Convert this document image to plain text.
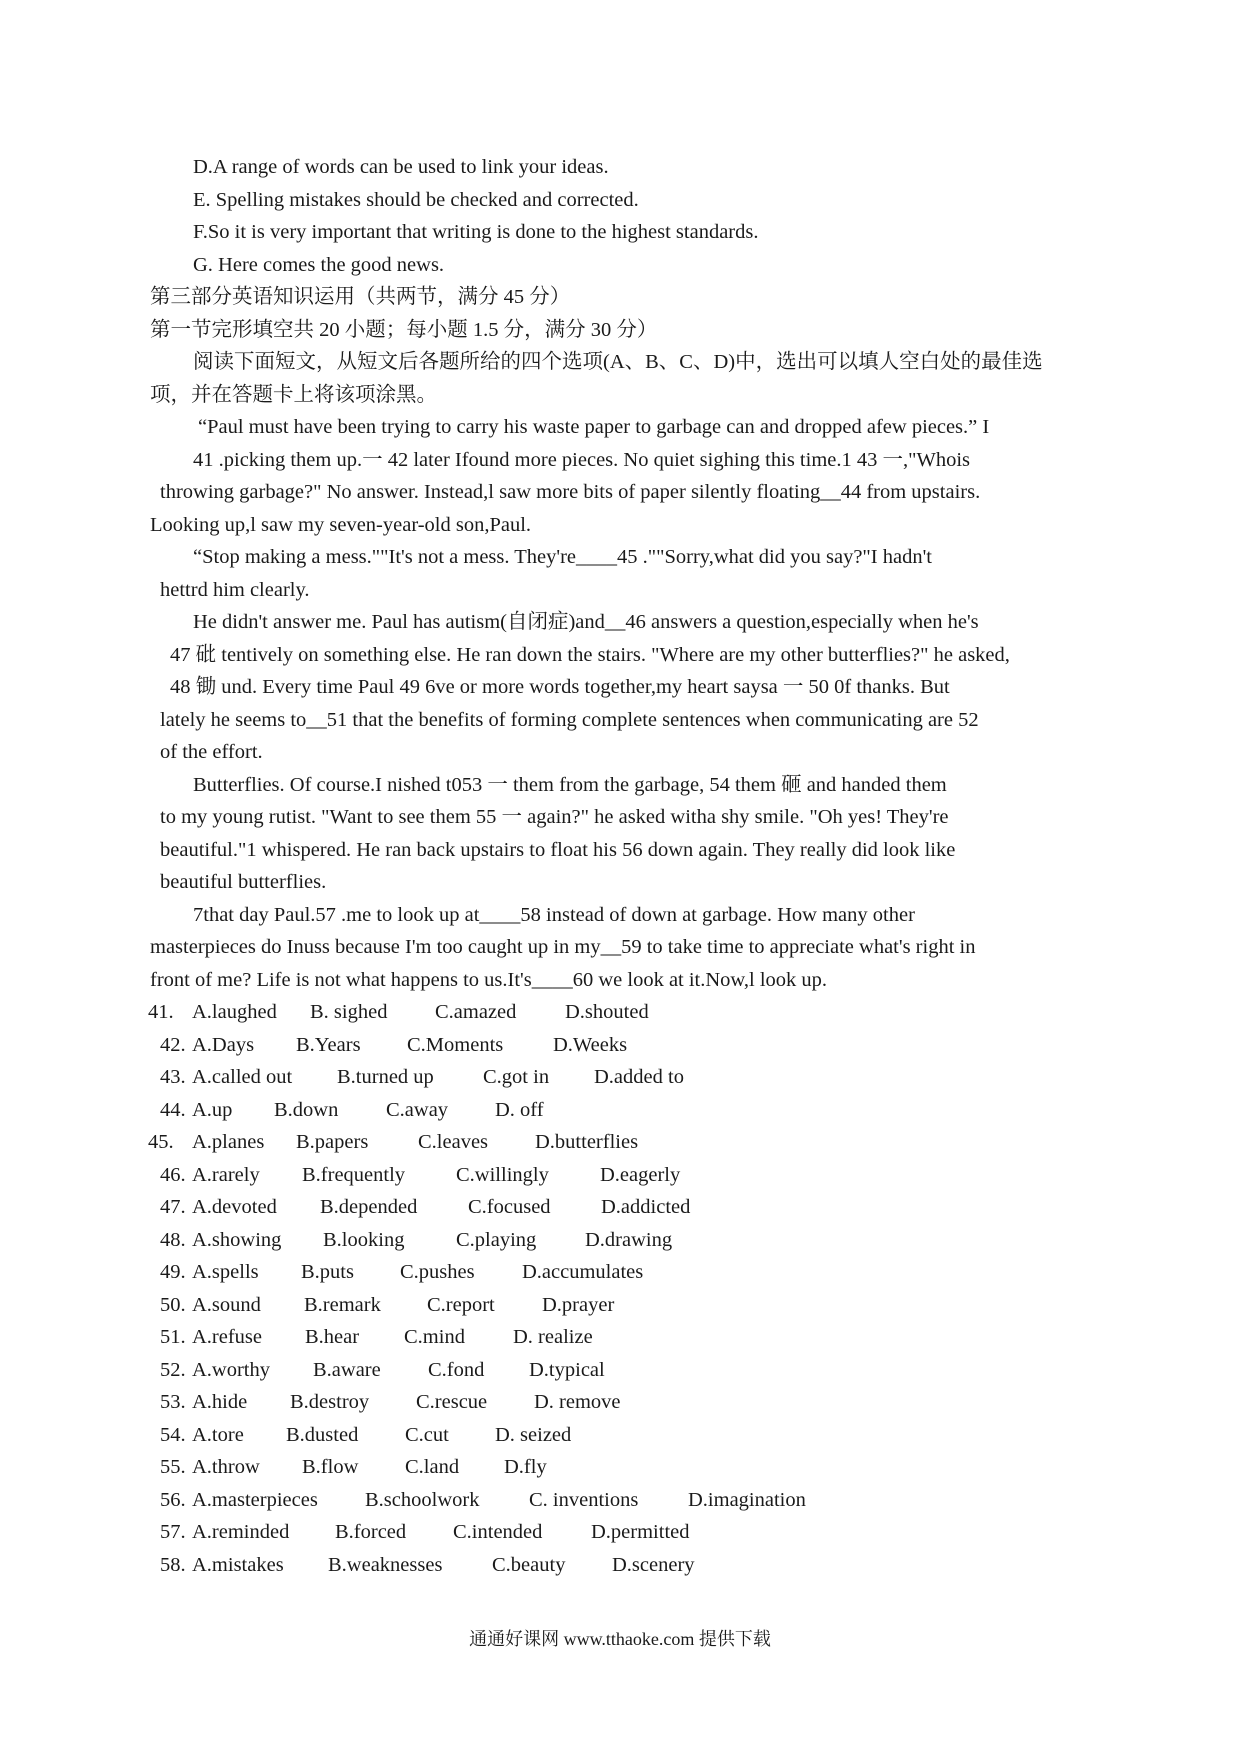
D.A range of words can be used to link your ideas.
E. Spelling mistakes should be checked and corrected.
F.So it is very important that writing is done to the highest standards.
G. Here comes the good news.
第三部分英语知识运用（共两节，满分 45 分）
第一节完形填空共 20 小题；每小题 1.5 分，满分 30 分）
阅读下面短文，从短文后各题所给的四个选项(A、B、C、D)中，选出可以填人空白处的最佳选
项，并在答题卡上将该项涂黑。
“Paul must have been trying to carry his waste paper to garbage can and dropped afew pieces.” I
41 .picking them up.一 42 later Ifound more pieces. No quiet sighing this time.1 43 一,"Whois
throwing garbage?" No answer. Instead,l saw more bits of paper silently floating__44 from upstairs.
Looking up,l saw my seven-year-old son,Paul.
“Stop making a mess.""It's not a mess. They're____45 .""Sorry,what did you say?"I hadn't
hettrd him clearly.
He didn't answer me. Paul has autism(自闭症)and__46 answers a question,especially when he's
47 砒 tentively on something else. He ran down the stairs. "Where are my other butterflies?" he asked,
48 锄 und. Every time Paul 49 6ve or more words together,my heart saysa 一 50 0f thanks. But
lately he seems to__51 that the benefits of forming complete sentences when communicating are 52
of the effort.
Butterflies. Of course.I nished t053 一 them from the garbage, 54 them 砸 and handed them
to my young rutist. "Want to see them 55 一 again?" he asked witha shy smile. "Oh yes! They're
beautiful."1 whispered. He ran back upstairs to float his 56 down again. They really did look like
beautiful butterflies.
7that day Paul.57 .me to look up at____58 instead of down at garbage. How many other
masterpieces do Inuss because I'm too caught up in my__59 to take time to appreciate what's right in
front of me? Life is not what happens to us.It's____60 we look at it.Now,l look up.
41. A.laughed B. sighed C.amazed D.shouted
42. A.Days B.Years C.Moments D.Weeks
43. A.called out B.turned up C.got in D.added to
44. A.up B.down C.away D. off
45. A.planes B.papers C.leaves D.butterflies
46. A.rarely B.frequently C.willingly D.eagerly
47. A.devoted B.depended C.focused D.addicted
48. A.showing B.looking	C.playing D.drawing
49. A.spells B.puts C.pushes D.accumulates
50. A.sound B.remark C.report D.prayer
51. A.refuse B.hear C.mind D. realize
52. A.worthy B.aware C.fond D.typical
53. A.hide B.destroy C.rescue D. remove
54. A.tore B.dusted C.cut D. seized
55. A.throw B.flow C.land D.fly
56. A.masterpieces B.schoolwork C. inventions D.imagination
57. A.reminded B.forced C.intended D.permitted
58. A.mistakes B.weaknesses C.beauty D.scenery
通通好课网 www.tthaoke.com 提供下载
